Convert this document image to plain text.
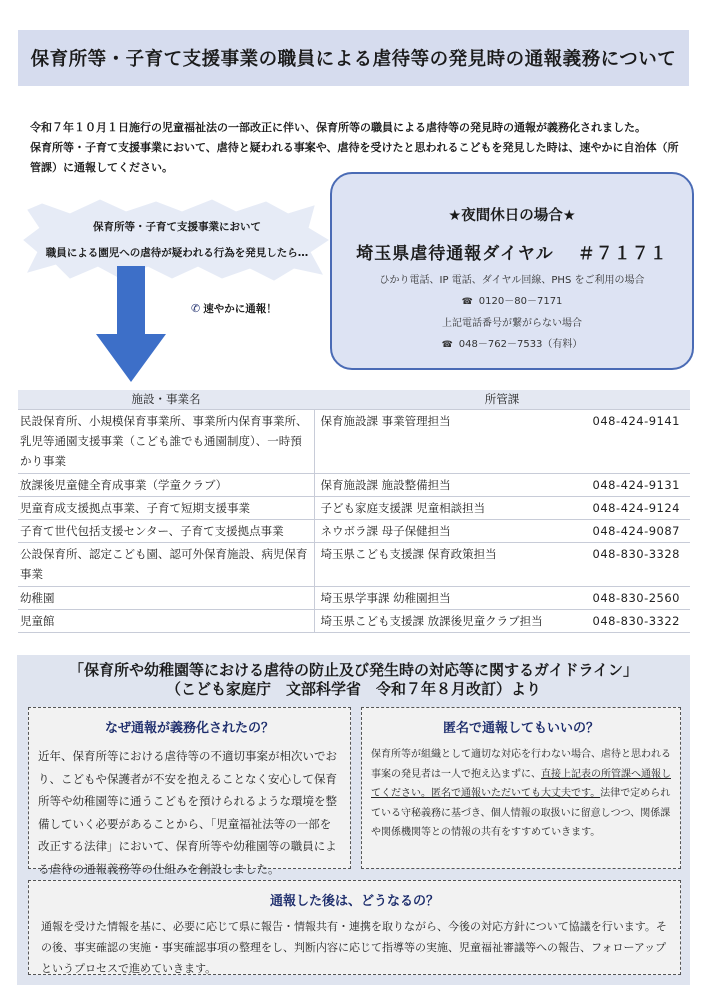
保育所等・子育て支援事業の職員による虐待等の発見時の通報義務について

令和７年１０月１日施行の児童福祉法の一部改正に伴い、保育所等の職員による虐待等の発見時の通報が義務化されました。

保育所等・子育て支援事業において、虐待と疑われる事案や、虐待を受けたと思われるこどもを発見した時は、速やかに自治体（所

管課）に通報してください。

保育所等・子育て支援事業において
職員による園児への虐待が疑われる行為を発見したら…
✆ 速やかに通報！
★夜間休日の場合★
埼玉県虐待通報ダイヤル ＃７１７１
ひかり電話、IP 電話、ダイヤル回線、PHS をご利用の場合
☎ 0120－80－7171
上記電話番号が繋がらない場合
☎ 048－762－7533（有料）
施設・事業名	所管課	
民設保育所、小規模保育事業所、事業所内保育事業所、乳児等通園支援事業（こども誰でも通園制度）、一時預かり事業	保育施設課 事業管理担当	048-424-9141
放課後児童健全育成事業（学童クラブ）	保育施設課 施設整備担当	048-424-9131
児童育成支援拠点事業、子育て短期支援事業	子ども家庭支援課 児童相談担当	048-424-9124
子育て世代包括支援センター、子育て支援拠点事業	ネウボラ課 母子保健担当	048-424-9087
公設保育所、認定こども園、認可外保育施設、病児保育事業	埼玉県こども支援課 保育政策担当	048-830-3328
幼稚園	埼玉県学事課 幼稚園担当	048-830-2560
児童館	埼玉県こども支援課 放課後児童クラブ担当	048-830-3322
「保育所や幼稚園等における虐待の防止及び発生時の対応等に関するガイドライン」
（こども家庭庁　文部科学省　令和７年８月改訂）より
なぜ通報が義務化されたの？
近年、保育所等における虐待等の不適切事案が相次いでおり、こどもや保護者が不安を抱えることなく安心して保育所等や幼稚園等に通うこどもを預けられるような環境を整備していく必要があることから、「児童福祉法等の一部を改正する法律」において、保育所等や幼稚園等の職員による虐待の通報義務等の仕組みを創設しました。
匿名で通報してもいいの？
保育所等が組織として適切な対応を行わない場合、虐待と思われる事案の発見者は一人で抱え込まずに、直接上記表の所管課へ通報してください。匿名で通報いただいても大丈夫です。法律で定められている守秘義務に基づき、個人情報の取扱いに留意しつつ、関係課や関係機関等との情報の共有をすすめていきます。
通報した後は、どうなるの？
通報を受けた情報を基に、必要に応じて県に報告・情報共有・連携を取りながら、今後の対応方針について協議を行います。その後、事実確認の実施・事実確認事項の整理をし、判断内容に応じて指導等の実施、児童福祉審議等への報告、フォローアップというプロセスで進めていきます。
